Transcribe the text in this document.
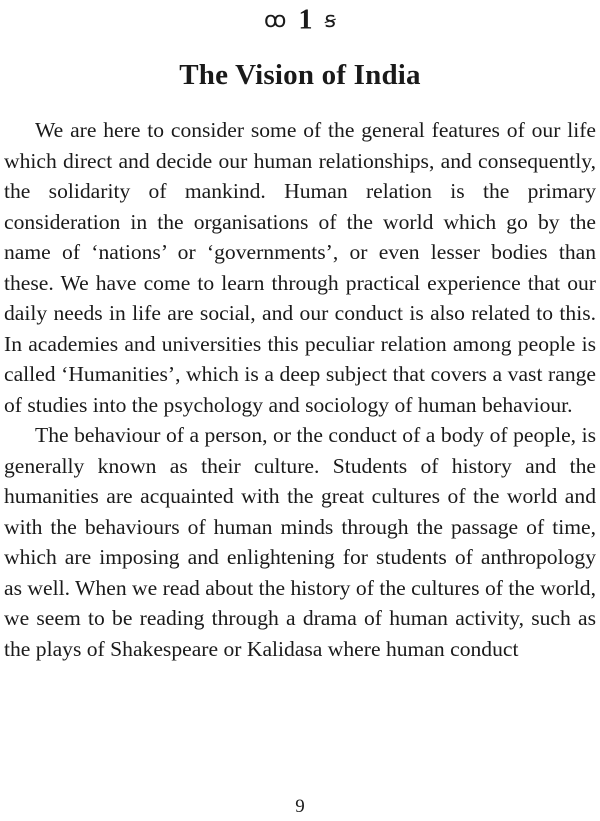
ꝏ 1 ꞩ
The Vision of India

We are here to consider some of the general features of our life which direct and decide our human relationships, and consequently, the solidarity of mankind. Human relation is the primary consideration in the organisations of the world which go by the name of ‘nations’ or ‘governments’, or even lesser bodies than these. We have come to learn through practical experience that our daily needs in life are social, and our conduct is also related to this. In academies and universities this peculiar relation among people is called ‘Humanities’, which is a deep subject that covers a vast range of studies into the psychology and sociology of human behaviour.

The behaviour of a person, or the conduct of a body of people, is generally known as their culture. Students of history and the humanities are acquainted with the great cultures of the world and with the behaviours of human minds through the passage of time, which are imposing and enlightening for students of anthropology as well. When we read about the history of the cultures of the world, we seem to be reading through a drama of human activity, such as the plays of Shakespeare or Kalidasa where human conduct

9
